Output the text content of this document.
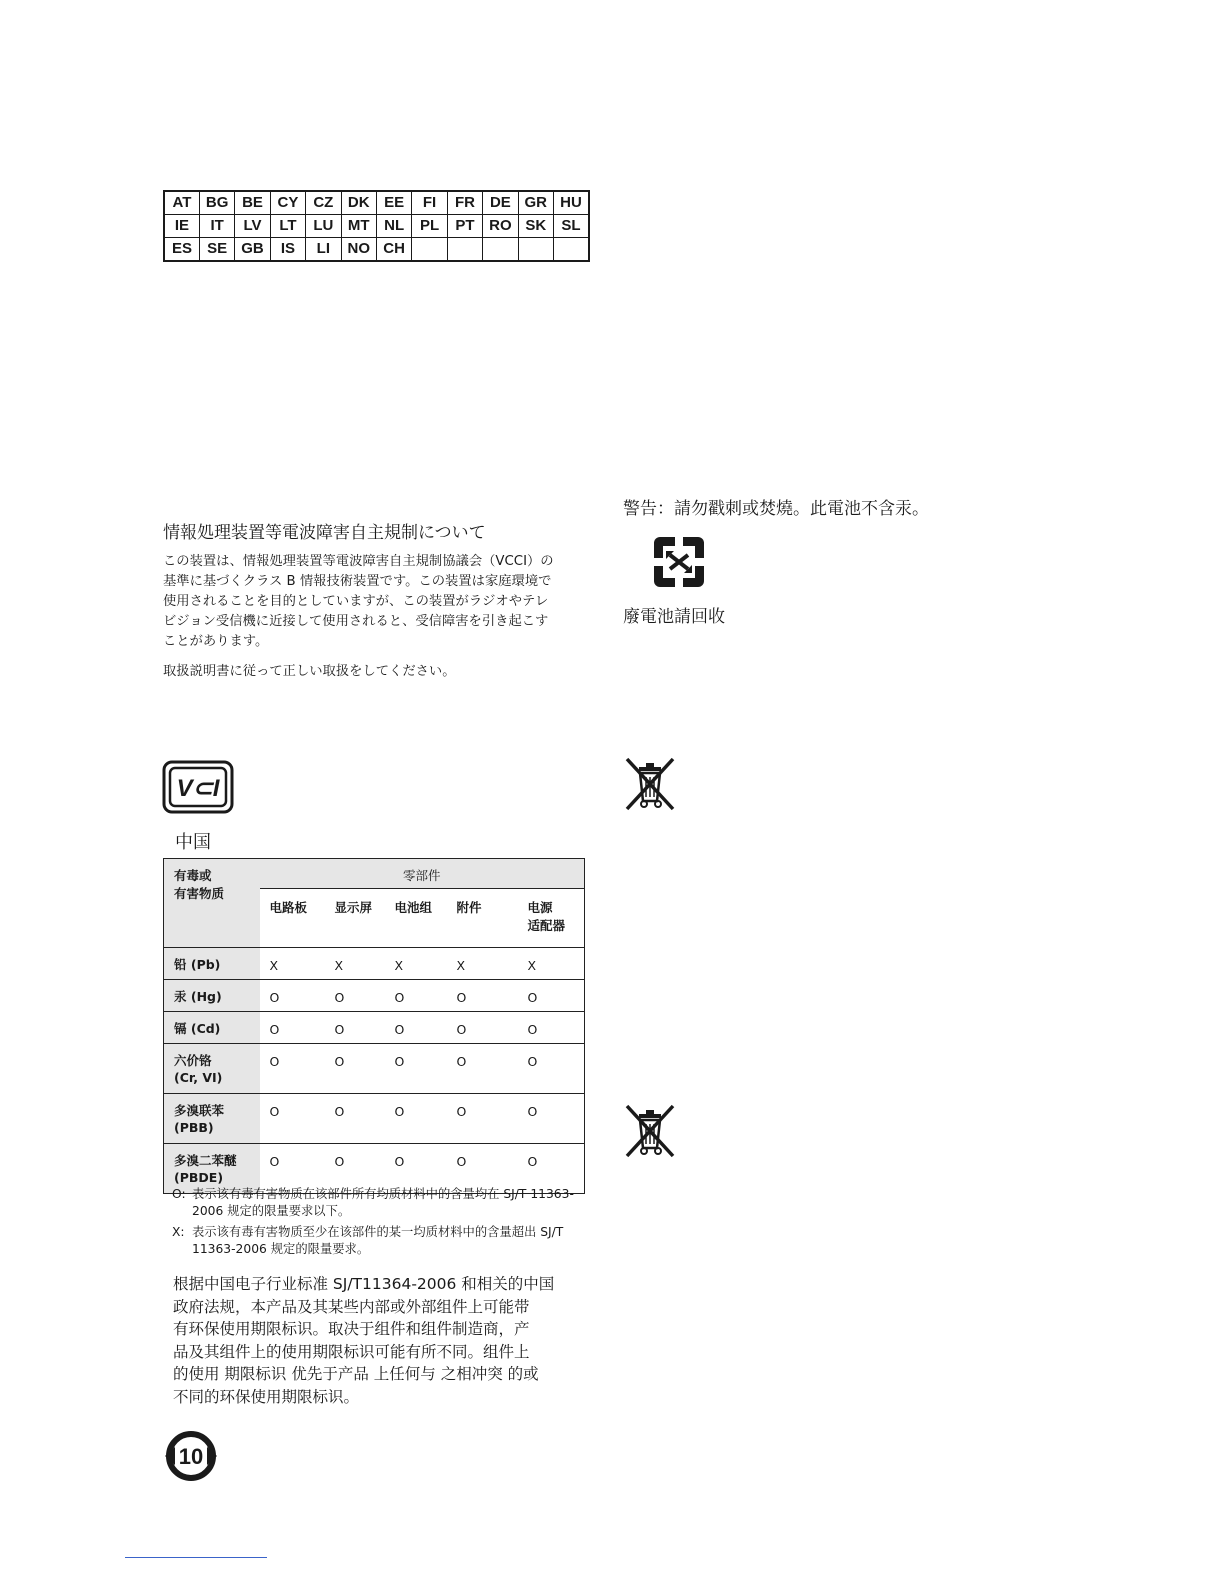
AT	BG	BE	CY	CZ	DK	EE	FI	FR	DE	GR	HU
IE	IT	LV	LT	LU	MT	NL	PL	PT	RO	SK	SL
ES	SE	GB	IS	LI	NO	CH					
情報処理装置等電波障害自主規制について
この装置は、情報処理装置等電波障害自主規制協議会（VCCI）の
基準に基づくクラス B 情報技術装置です。この装置は家庭環境で
使用されることを目的としていますが、この装置がラジオやテレ
ビジョン受信機に近接して使用されると、受信障害を引き起こす
ことがあります。
取扱説明書に従って正しい取扱をしてください。
V⊂I
中国
有毒或
有害物质	零部件				
	电路板	显示屏	电池组	附件	电源
适配器
铅 (Pb)	X	X	X	X	X
汞 (Hg)	O	O	O	O	O
镉 (Cd)	O	O	O	O	O
六价铬
(Cr, VI)	O	O	O	O	O
多溴联苯
(PBB)	O	O	O	O	O
多溴二苯醚
(PBDE)	O	O	O	O	O
O: 表示该有毒有害物质在该部件所有均质材料中的含量均在 SJ/T 11363-2006 规定的限量要求以下。
X: 表示该有毒有害物质至少在该部件的某一均质材料中的含量超出 SJ/T 11363-2006 规定的限量要求。
根据中国电子行业标准 SJ/T11364-2006 和相关的中国
政府法规，本产品及其某些内部或外部组件上可能带
有环保使用期限标识。取决于组件和组件制造商，产
品及其组件上的使用期限标识可能有所不同。组件上
的使用 期限标识 优先于产品 上任何与 之相冲突 的或
不同的环保使用期限标识。
10
警告：請勿戳刺或焚燒。此電池不含汞。
廢電池請回收
